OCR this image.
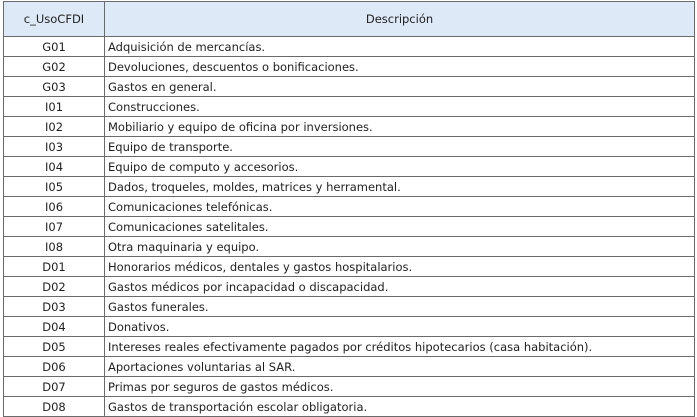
c_UsoCFDI	Descripción
G01	Adquisición de mercancías.
G02	Devoluciones, descuentos o bonificaciones.
G03	Gastos en general.
I01	Construcciones.
I02	Mobiliario y equipo de oficina por inversiones.
I03	Equipo de transporte.
I04	Equipo de computo y accesorios.
I05	Dados, troqueles, moldes, matrices y herramental.
I06	Comunicaciones telefónicas.
I07	Comunicaciones satelitales.
I08	Otra maquinaria y equipo.
D01	Honorarios médicos, dentales y gastos hospitalarios.
D02	Gastos médicos por incapacidad o discapacidad.
D03	Gastos funerales.
D04	Donativos.
D05	Intereses reales efectivamente pagados por créditos hipotecarios (casa habitación).
D06	Aportaciones voluntarias al SAR.
D07	Primas por seguros de gastos médicos.
D08	Gastos de transportación escolar obligatoria.
